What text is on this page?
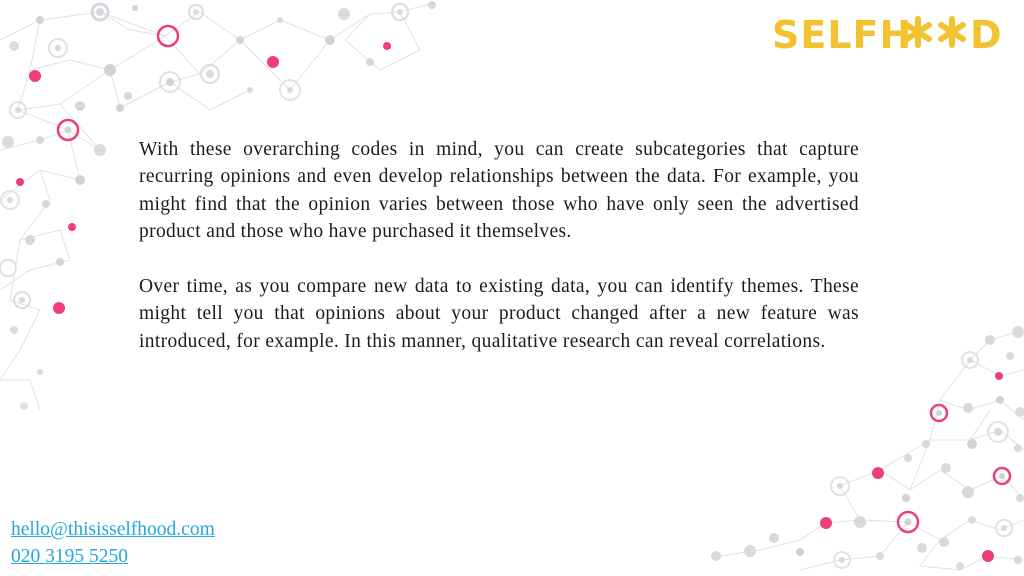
SELFH D

With these overarching codes in mind, you can create subcategories that capture recurring opinions and even develop relationships between the data. For example, you might find that the opinion varies between those who have only seen the advertised product and those who have purchased it themselves.

Over time, as you compare new data to existing data, you can identify themes. These might tell you that opinions about your product changed after a new feature was introduced, for example. In this manner, qualitative research can reveal correlations.

hello@thisisselfhood.com
020 3195 5250
